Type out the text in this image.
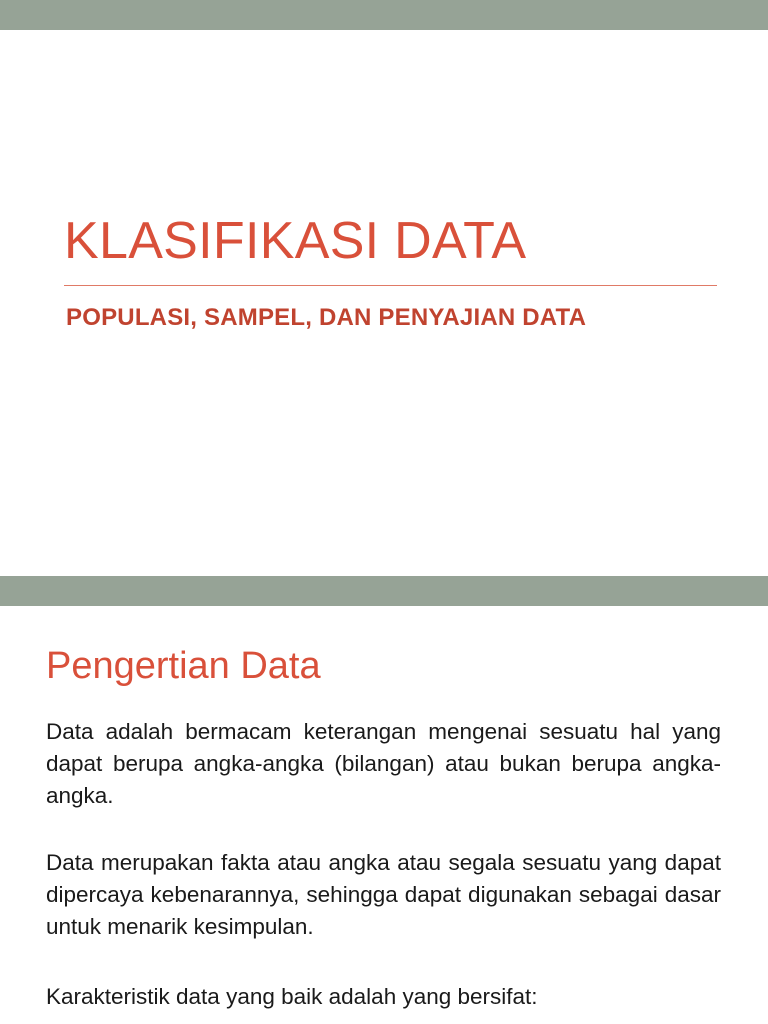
KLASIFIKASI DATA
POPULASI, SAMPEL, DAN PENYAJIAN DATA
Pengertian Data

Data adalah bermacam keterangan mengenai sesuatu hal yang dapat berupa angka-angka (bilangan) atau bukan berupa angka-angka.

Data merupakan fakta atau angka atau segala sesuatu yang dapat dipercaya kebenarannya, sehingga dapat digunakan sebagai dasar untuk menarik kesimpulan.

Karakteristik data yang baik adalah yang bersifat:
